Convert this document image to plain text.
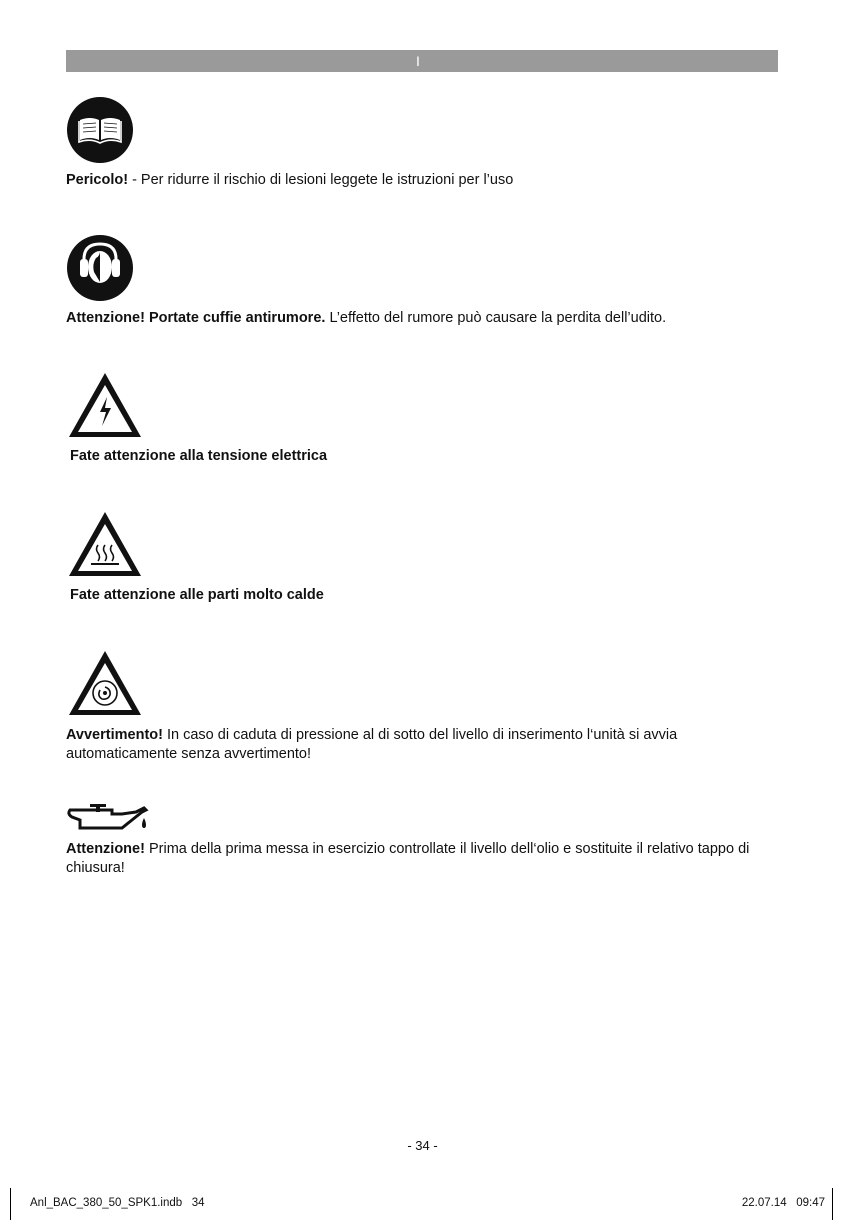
I
Pericolo! - Per ridurre il rischio di lesioni leggete le istruzioni per l’uso
Attenzione! Portate cuffie antirumore. L’effetto del rumore può causare la perdita dell’udito.
Fate attenzione alla tensione elettrica
Fate attenzione alle parti molto calde
Avvertimento! In caso di caduta di pressione al di sotto del livello di inserimento l‘unità si avvia automaticamente senza avvertimento!
Attenzione! Prima della prima messa in esercizio controllate il livello dell‘olio e sostituite il relativo tappo di chiusura!
- 34 -
Anl_BAC_380_50_SPK1.indb   34	22.07.14   09:47
